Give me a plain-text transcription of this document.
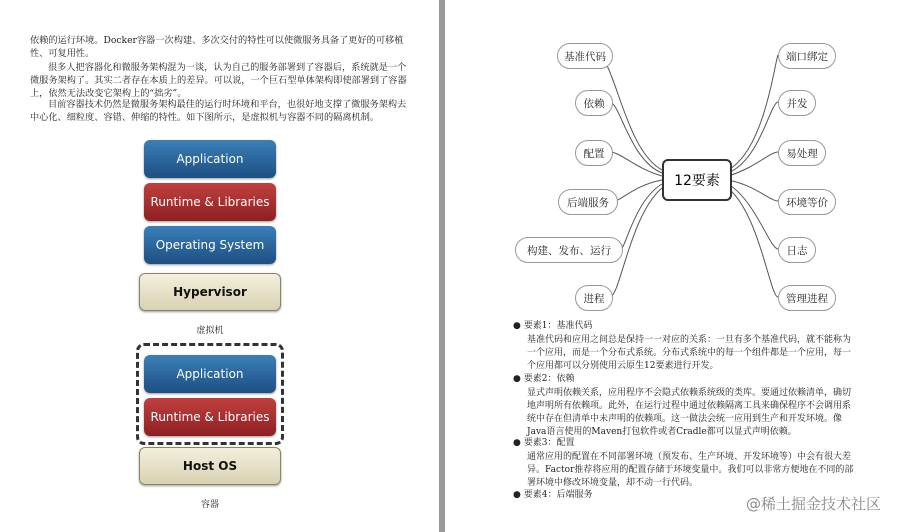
依赖的运行环境。Docker容器一次构建、多次交付的特性可以使微服务具备了更好的可移植性、可复用性。

很多人把容器化和微服务架构混为一谈，认为自己的服务部署到了容器后，系统就是一个微服务架构了。其实二者存在本质上的差异。可以说，一个巨石型单体架构即使部署到了容器上，依然无法改变它架构上的“拙劣”。

目前容器技术仍然是微服务架构最佳的运行时环境和平台，也很好地支撑了微服务架构去中心化、细粒度、容错、伸缩的特性。如下图所示，是虚拟机与容器不同的隔离机制。

Application
Runtime & Libraries
Operating System
Hypervisor
虚拟机
Application
Runtime & Libraries
Host OS
容器
12要素
基准代码
依赖
配置
后端服务
构建、发布、运行
进程
端口绑定
并发
易处理
环境等价
日志
管理进程

● 要素1：基准代码

基准代码和应用之间总是保持一一对应的关系：一旦有多个基准代码，就不能称为一个应用，而是一个分布式系统。分布式系统中的每一个组件都是一个应用，每一个应用都可以分别使用云原生12要素进行开发。

● 要素2：依赖

显式声明依赖关系，应用程序不会隐式依赖系统级的类库。要通过依赖清单，确切地声明所有依赖项。此外，在运行过程中通过依赖隔离工具来确保程序不会调用系统中存在但清单中未声明的依赖项。这一做法会统一应用到生产和开发环境。像Java语言使用的Maven打包软件或者Cradle都可以显式声明依赖。

● 要素3：配置

通常应用的配置在不同部署环境（预发布、生产环境、开发环境等）中会有很大差异。Factor推荐将应用的配置存储于环境变量中。我们可以非常方便地在不同的部署环境中修改环境变量，却不动一行代码。

● 要素4：后端服务	@稀土掘金技术社区
